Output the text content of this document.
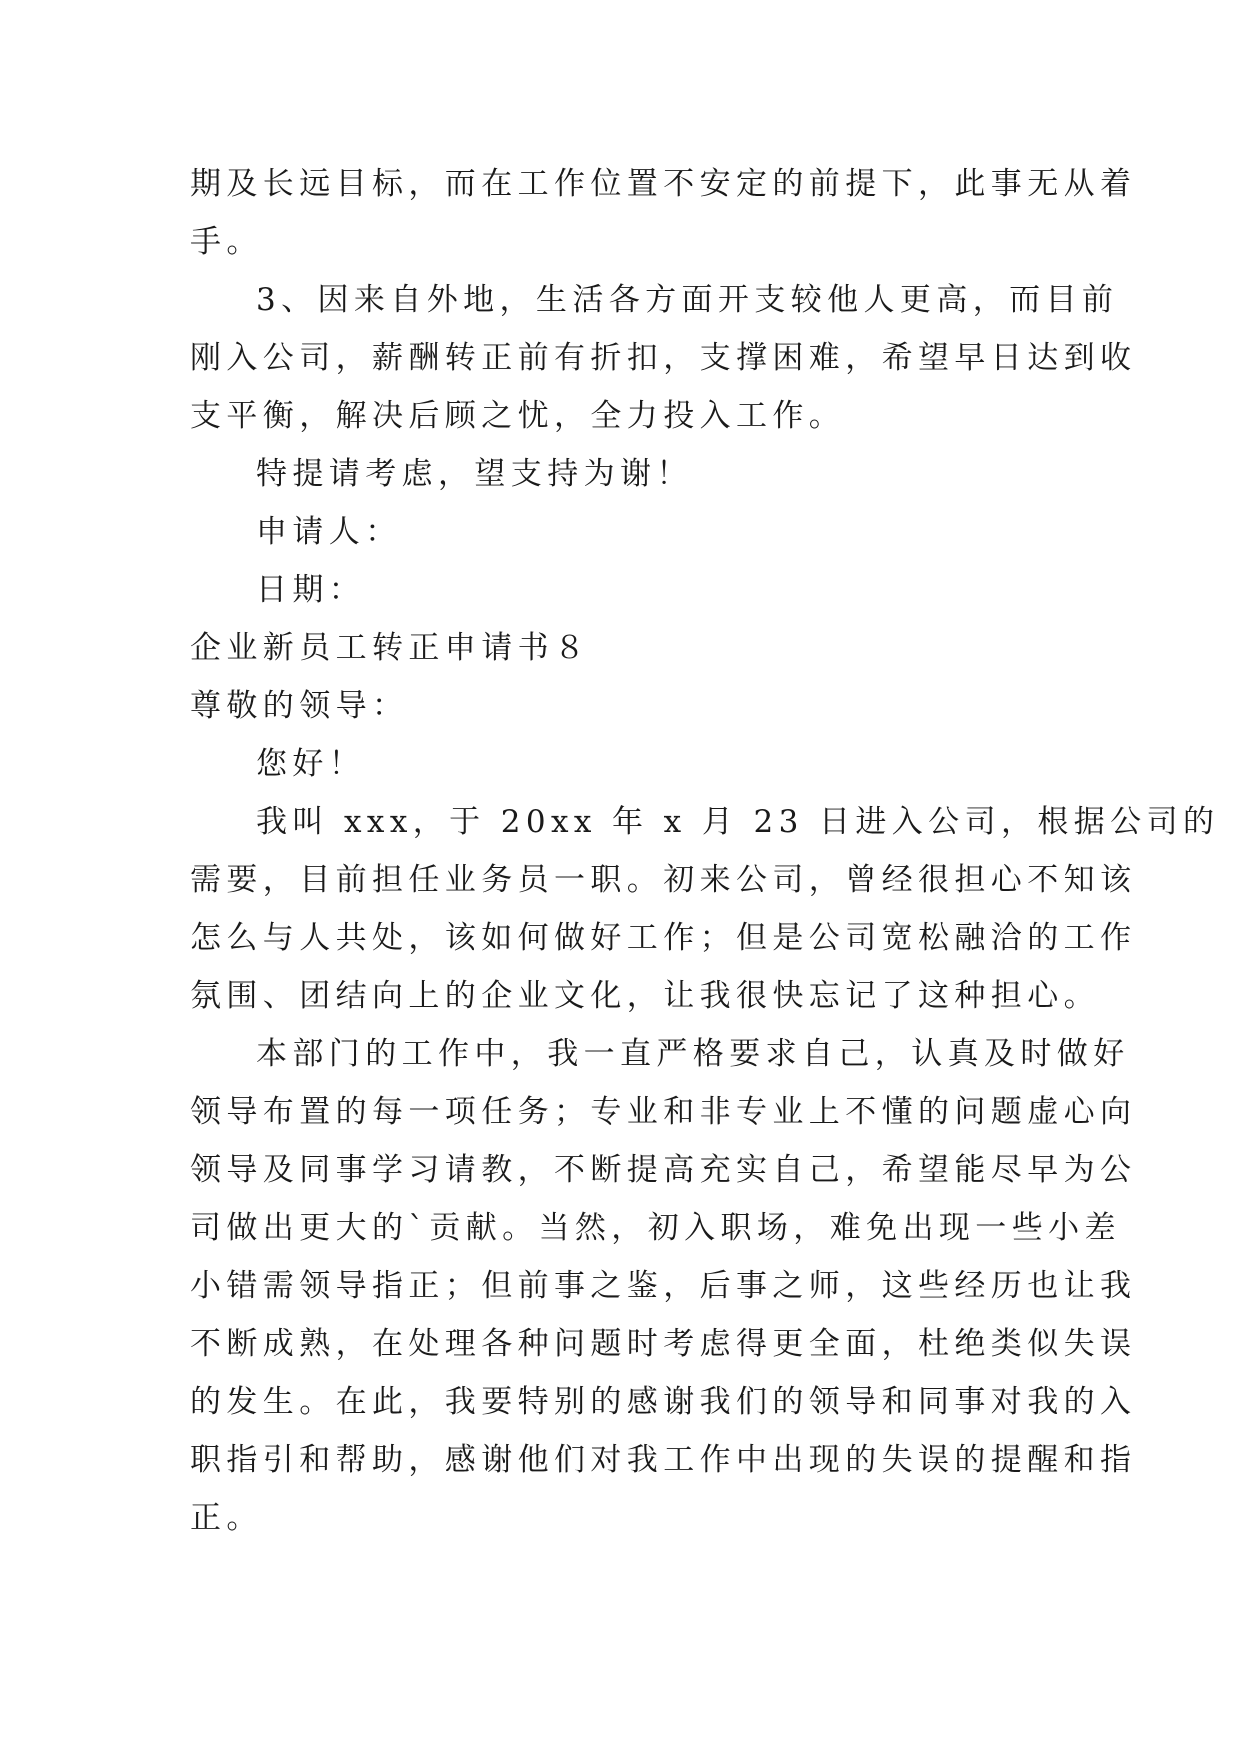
期及长远目标，而在工作位置不安定的前提下，此事无从着
手。
3、因来自外地，生活各方面开支较他人更高，而目前
刚入公司，薪酬转正前有折扣，支撑困难，希望早日达到收
支平衡，解决后顾之忧，全力投入工作。
特提请考虑，望支持为谢！
申请人：
日期：
企业新员工转正申请书８
尊敬的领导：
您好！
我叫 xxx，于 20xx 年 x 月 23 日进入公司，根据公司的
需要，目前担任业务员一职。初来公司，曾经很担心不知该
怎么与人共处，该如何做好工作；但是公司宽松融洽的工作
氛围、团结向上的企业文化，让我很快忘记了这种担心。
本部门的工作中，我一直严格要求自己，认真及时做好
领导布置的每一项任务；专业和非专业上不懂的问题虚心向
领导及同事学习请教，不断提高充实自己，希望能尽早为公
司做出更大的`贡献。当然，初入职场，难免出现一些小差
小错需领导指正；但前事之鉴，后事之师，这些经历也让我
不断成熟，在处理各种问题时考虑得更全面，杜绝类似失误
的发生。在此，我要特别的感谢我们的领导和同事对我的入
职指引和帮助，感谢他们对我工作中出现的失误的提醒和指
正。
